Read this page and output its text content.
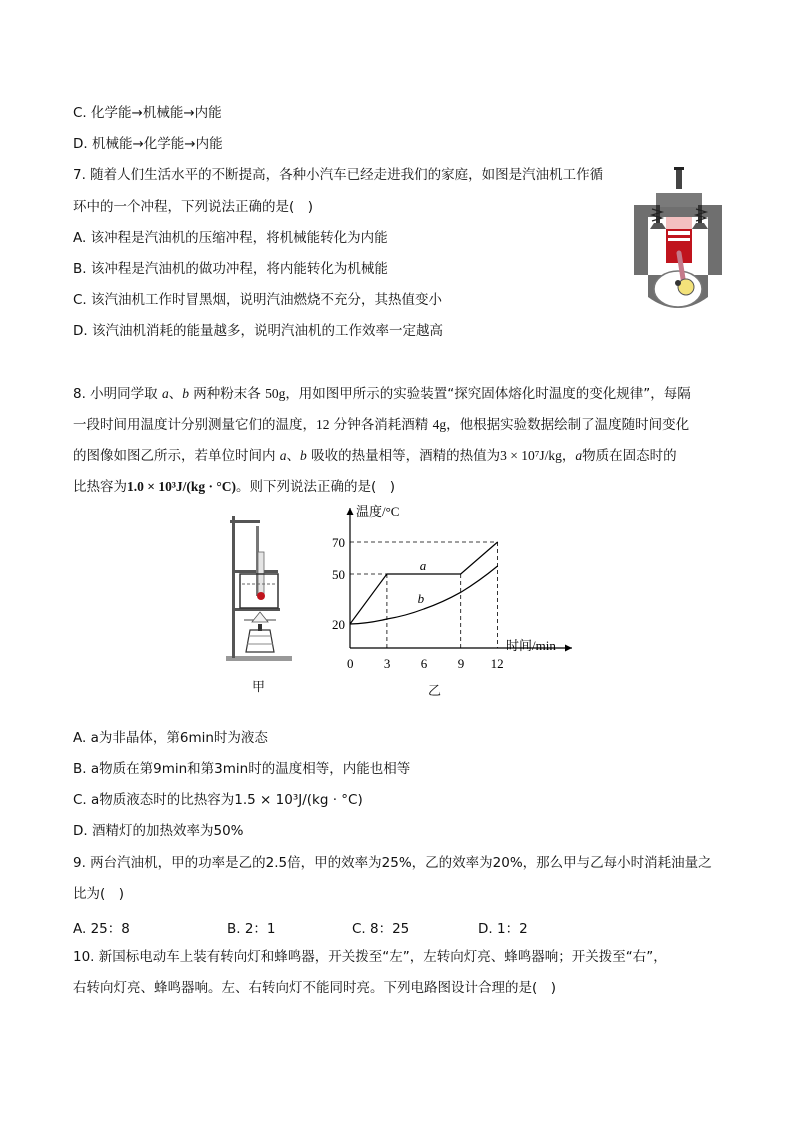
C. 化学能→机械能→内能
D. 机械能→化学能→内能
7. 随着人们生活水平的不断提高，各种小汽车已经走进我们的家庭，如图是汽油机工作循
环中的一个冲程，下列说法正确的是(　)
A. 该冲程是汽油机的压缩冲程，将机械能转化为内能
B. 该冲程是汽油机的做功冲程，将内能转化为机械能
C. 该汽油机工作时冒黑烟，说明汽油燃烧不充分，其热值变小
D. 该汽油机消耗的能量越多，说明汽油机的工作效率一定越高
8. 小明同学取 a、b 两种粉末各 50g，用如图甲所示的实验装置“探究固体熔化时温度的变化规律”，每隔
一段时间用温度计分别测量它们的温度，12 分钟各消耗酒精 4g，他根据实验数据绘制了温度随时间变化
的图像如图乙所示，若单位时间内 a、b 吸收的热量相等，酒精的热值为3 × 10⁷J/kg，a物质在固态时的
比热容为1.0 × 10³J/(kg · °C)。则下列说法正确的是(　)
甲
a
b
0 3 6 9 12
20
50
70
温度/°C
时间/min
乙
A. a为非晶体，第6min时为液态
B. a物质在第9min和第3min时的温度相等，内能也相等
C. a物质液态时的比热容为1.5 × 10³J/(kg · °C)
D. 酒精灯的加热效率为50%
9. 两台汽油机，甲的功率是乙的2.5倍，甲的效率为25%，乙的效率为20%，那么甲与乙每小时消耗油量之
比为(　)
A. 25：8	B. 2：1	C. 8：25	D. 1：2
10. 新国标电动车上装有转向灯和蜂鸣器，开关拨至“左”，左转向灯亮、蜂鸣器响；开关拨至“右”，
右转向灯亮、蜂鸣器响。左、右转向灯不能同时亮。下列电路图设计合理的是(　)
